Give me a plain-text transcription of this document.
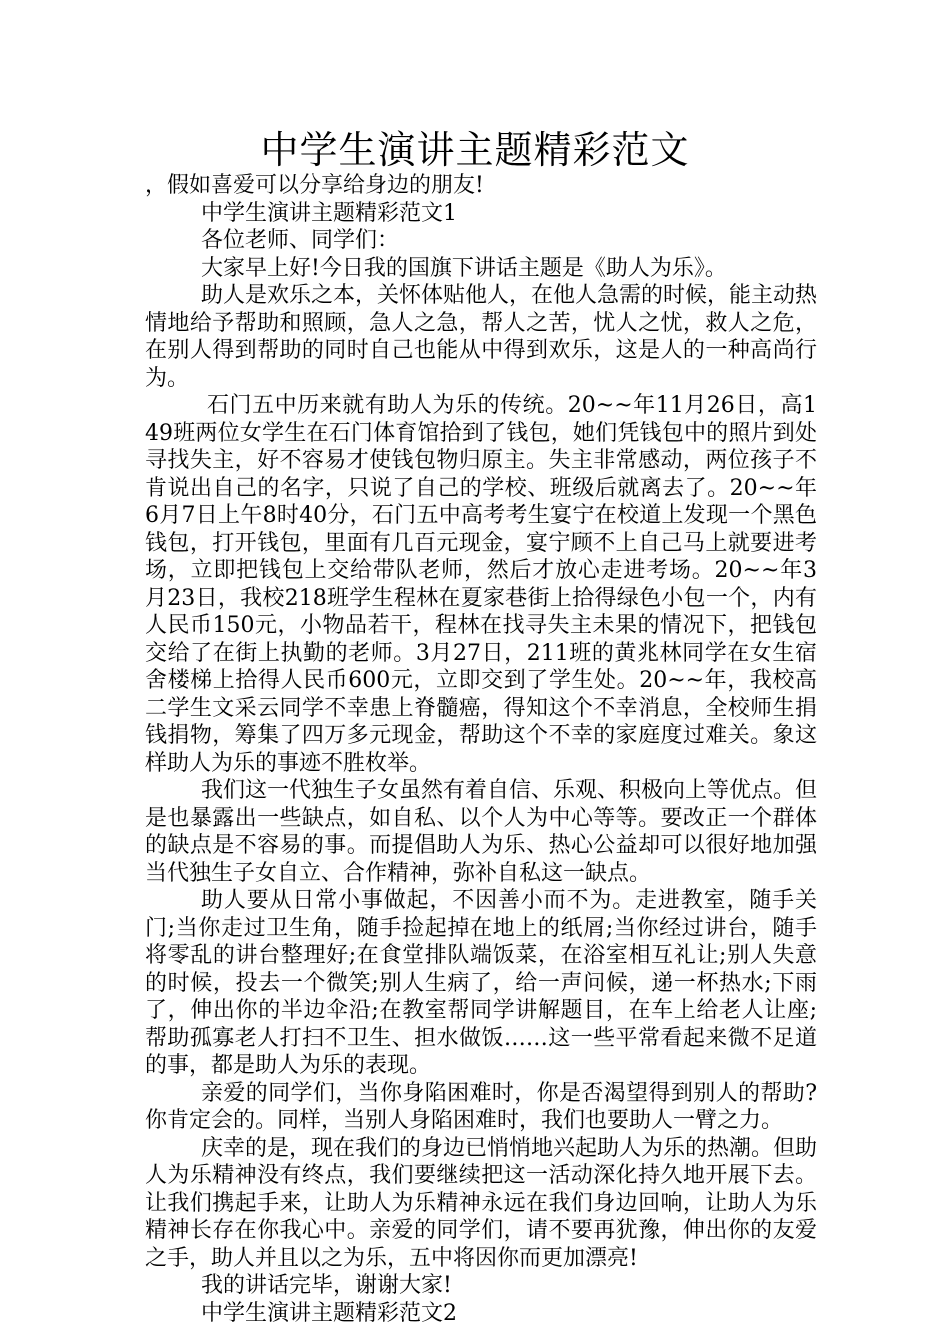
中学生演讲主题精彩范文

，假如喜爱可以分享给身边的朋友!

中学生演讲主题精彩范文1

各位老师、同学们：

大家早上好!今日我的国旗下讲话主题是《助人为乐》。

助人是欢乐之本，关怀体贴他人，在他人急需的时候，能主动热情地给予帮助和照顾，急人之急，帮人之苦，忧人之忧，救人之危，在别人得到帮助的同时自己也能从中得到欢乐，这是人的一种高尚行为。

石门五中历来就有助人为乐的传统。20~~年11月26日，高149班两位女学生在石门体育馆拾到了钱包，她们凭钱包中的照片到处寻找失主，好不容易才使钱包物归原主。失主非常感动，两位孩子不肯说出自己的名字，只说了自己的学校、班级后就离去了。20~~年6月7日上午8时40分，石门五中高考考生宴宁在校道上发现一个黑色钱包，打开钱包，里面有几百元现金，宴宁顾不上自己马上就要进考场，立即把钱包上交给带队老师，然后才放心走进考场。20~~年3月23日，我校218班学生程林在夏家巷街上拾得绿色小包一个，内有人民币150元，小物品若干，程林在找寻失主未果的情况下，把钱包交给了在街上执勤的老师。3月27日，211班的黄兆林同学在女生宿舍楼梯上拾得人民币600元，立即交到了学生处。20~~年，我校高二学生文采云同学不幸患上脊髓癌，得知这个不幸消息，全校师生捐钱捐物，筹集了四万多元现金，帮助这个不幸的家庭度过难关。象这样助人为乐的事迹不胜枚举。

我们这一代独生子女虽然有着自信、乐观、积极向上等优点。但是也暴露出一些缺点，如自私、以个人为中心等等。要改正一个群体的缺点是不容易的事。而提倡助人为乐、热心公益却可以很好地加强当代独生子女自立、合作精神，弥补自私这一缺点。

助人要从日常小事做起，不因善小而不为。走进教室，随手关门;当你走过卫生角，随手捡起掉在地上的纸屑;当你经过讲台，随手将零乱的讲台整理好;在食堂排队端饭菜，在浴室相互礼让;别人失意的时候，投去一个微笑;别人生病了，给一声问候，递一杯热水;下雨了，伸出你的半边伞沿;在教室帮同学讲解题目，在车上给老人让座;帮助孤寡老人打扫不卫生、担水做饭……这一些平常看起来微不足道的事，都是助人为乐的表现。

亲爱的同学们，当你身陷困难时，你是否渴望得到别人的帮助?你肯定会的。同样，当别人身陷困难时，我们也要助人一臂之力。

庆幸的是，现在我们的身边已悄悄地兴起助人为乐的热潮。但助人为乐精神没有终点，我们要继续把这一活动深化持久地开展下去。让我们携起手来，让助人为乐精神永远在我们身边回响，让助人为乐精神长存在你我心中。亲爱的同学们，请不要再犹豫，伸出你的友爱之手，助人并且以之为乐，五中将因你而更加漂亮!

我的讲话完毕，谢谢大家!

中学生演讲主题精彩范文2
